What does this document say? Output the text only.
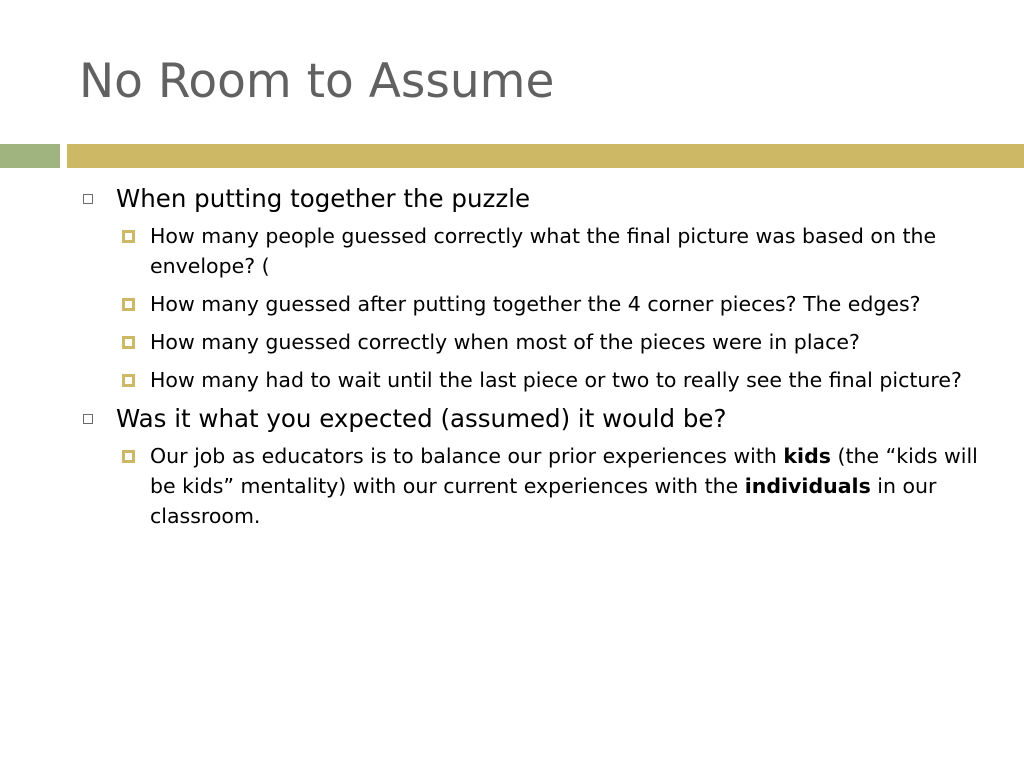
No Room to Assume
When putting together the puzzle
How many people guessed correctly what the final picture was based on the envelope? (
How many guessed after putting together the 4 corner pieces? The edges?
How many guessed correctly when most of the pieces were in place?
How many had to wait until the last piece or two to really see the final picture?
Was it what you expected (assumed) it would be?
Our job as educators is to balance our prior experiences with kids (the “kids will be kids” mentality) with our current experiences with the individuals in our classroom.
